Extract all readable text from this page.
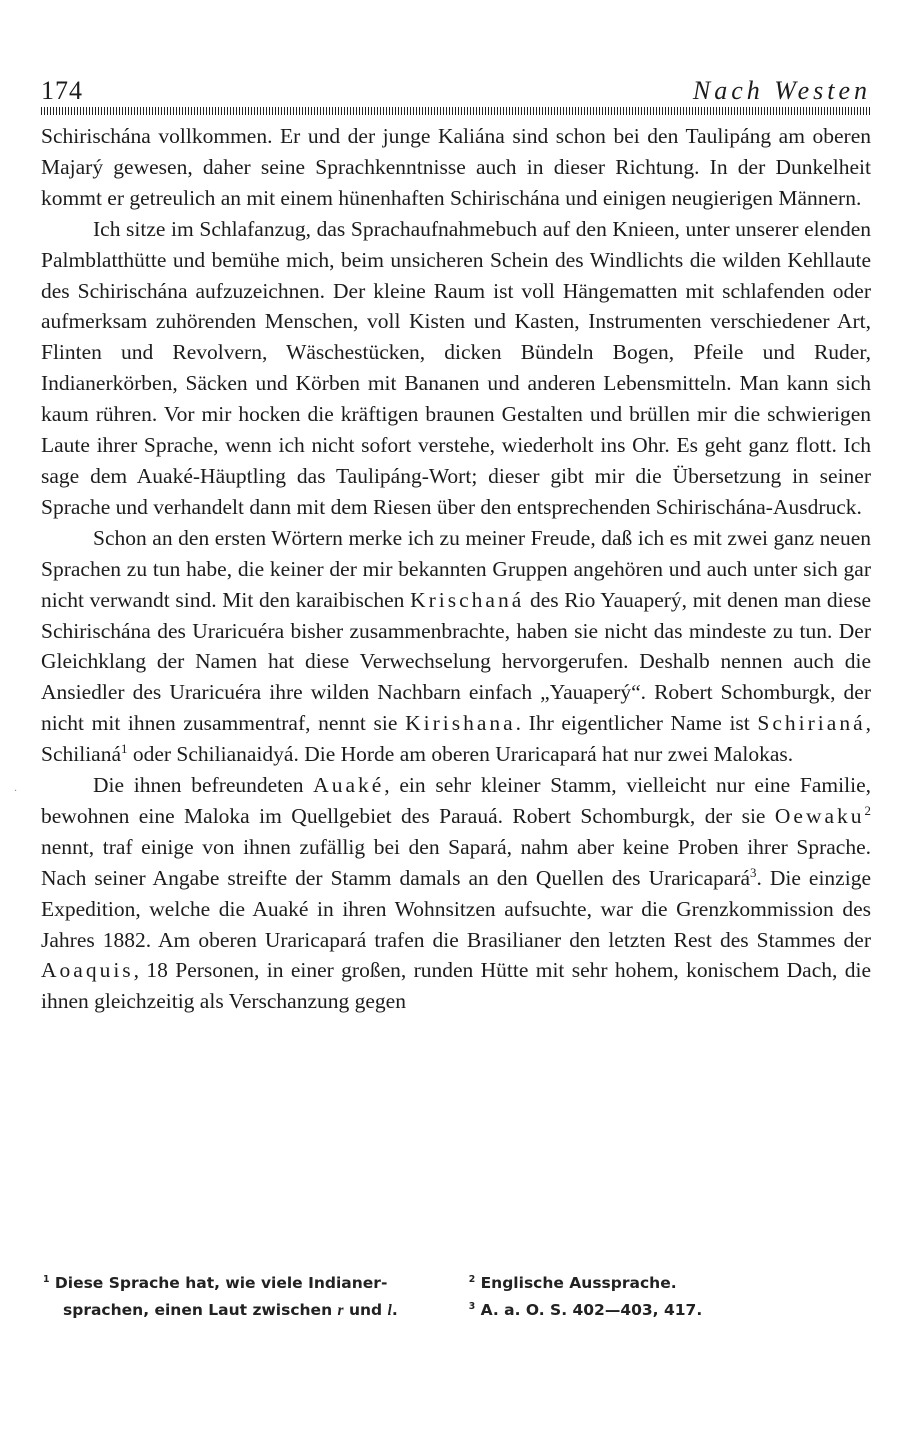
174	Nach Westen

Schirischána vollkommen. Er und der junge Kaliána sind schon bei den Taulipáng am oberen Majarý gewesen, daher seine Sprachkenntnisse auch in dieser Richtung. In der Dunkelheit kommt er getreulich an mit einem hünenhaften Schirischána und einigen neugierigen Männern.

Ich sitze im Schlafanzug, das Sprachaufnahmebuch auf den Knieen, unter unserer elenden Palmblatthütte und bemühe mich, beim unsicheren Schein des Windlichts die wilden Kehllaute des Schirischána aufzuzeichnen. Der kleine Raum ist voll Hängematten mit schlafenden oder aufmerksam zuhörenden Menschen, voll Kisten und Kasten, Instrumenten verschiedener Art, Flinten und Revolvern, Wäschestücken, dicken Bündeln Bogen, Pfeile und Ruder, Indianerkörben, Säcken und Körben mit Bananen und anderen Lebensmitteln. Man kann sich kaum rühren. Vor mir hocken die kräftigen braunen Gestalten und brüllen mir die schwierigen Laute ihrer Sprache, wenn ich nicht sofort verstehe, wiederholt ins Ohr. Es geht ganz flott. Ich sage dem Auaké-Häuptling das Taulipáng-Wort; dieser gibt mir die Übersetzung in seiner Sprache und verhandelt dann mit dem Riesen über den entsprechenden Schirischána-Ausdruck.

Schon an den ersten Wörtern merke ich zu meiner Freude, daß ich es mit zwei ganz neuen Sprachen zu tun habe, die keiner der mir bekannten Gruppen angehören und auch unter sich gar nicht verwandt sind. Mit den karaibischen Krischaná des Rio Yauaperý, mit denen man diese Schirischána des Uraricuéra bisher zusammenbrachte, haben sie nicht das mindeste zu tun. Der Gleichklang der Namen hat diese Verwechselung hervorgerufen. Deshalb nennen auch die Ansiedler des Uraricuéra ihre wilden Nachbarn einfach „Yauaperý“. Robert Schomburgk, der nicht mit ihnen zusammentraf, nennt sie Kirishana. Ihr eigentlicher Name ist Schirianá, Schilianá$^1$ oder Schilianaidyá. Die Horde am oberen Uraricapará hat nur zwei Malokas.

Die ihnen befreundeten Auaké, ein sehr kleiner Stamm, vielleicht nur eine Familie, bewohnen eine Maloka im Quellgebiet des Parauá. Robert Schomburgk, der sie Oewaku$^2$ nennt, traf einige von ihnen zufällig bei den Sapará, nahm aber keine Proben ihrer Sprache. Nach seiner Angabe streifte der Stamm damals an den Quellen des Uraricapará$^3$. Die einzige Expedition, welche die Auaké in ihren Wohnsitzen aufsuchte, war die Grenzkommission des Jahres 1882. Am oberen Uraricapará trafen die Brasilianer den letzten Rest des Stammes der Aoaquis, 18 Personen, in einer großen, runden Hütte mit sehr hohem, konischem Dach, die ihnen gleichzeitig als Verschanzung gegen

·

$^1$ Diese Sprache hat, wie viele Indianer-
sprachen, einen Laut zwischen r und l.

$^2$ Englische Aussprache.

$^3$ A. a. O. S. 402—403, 417.
